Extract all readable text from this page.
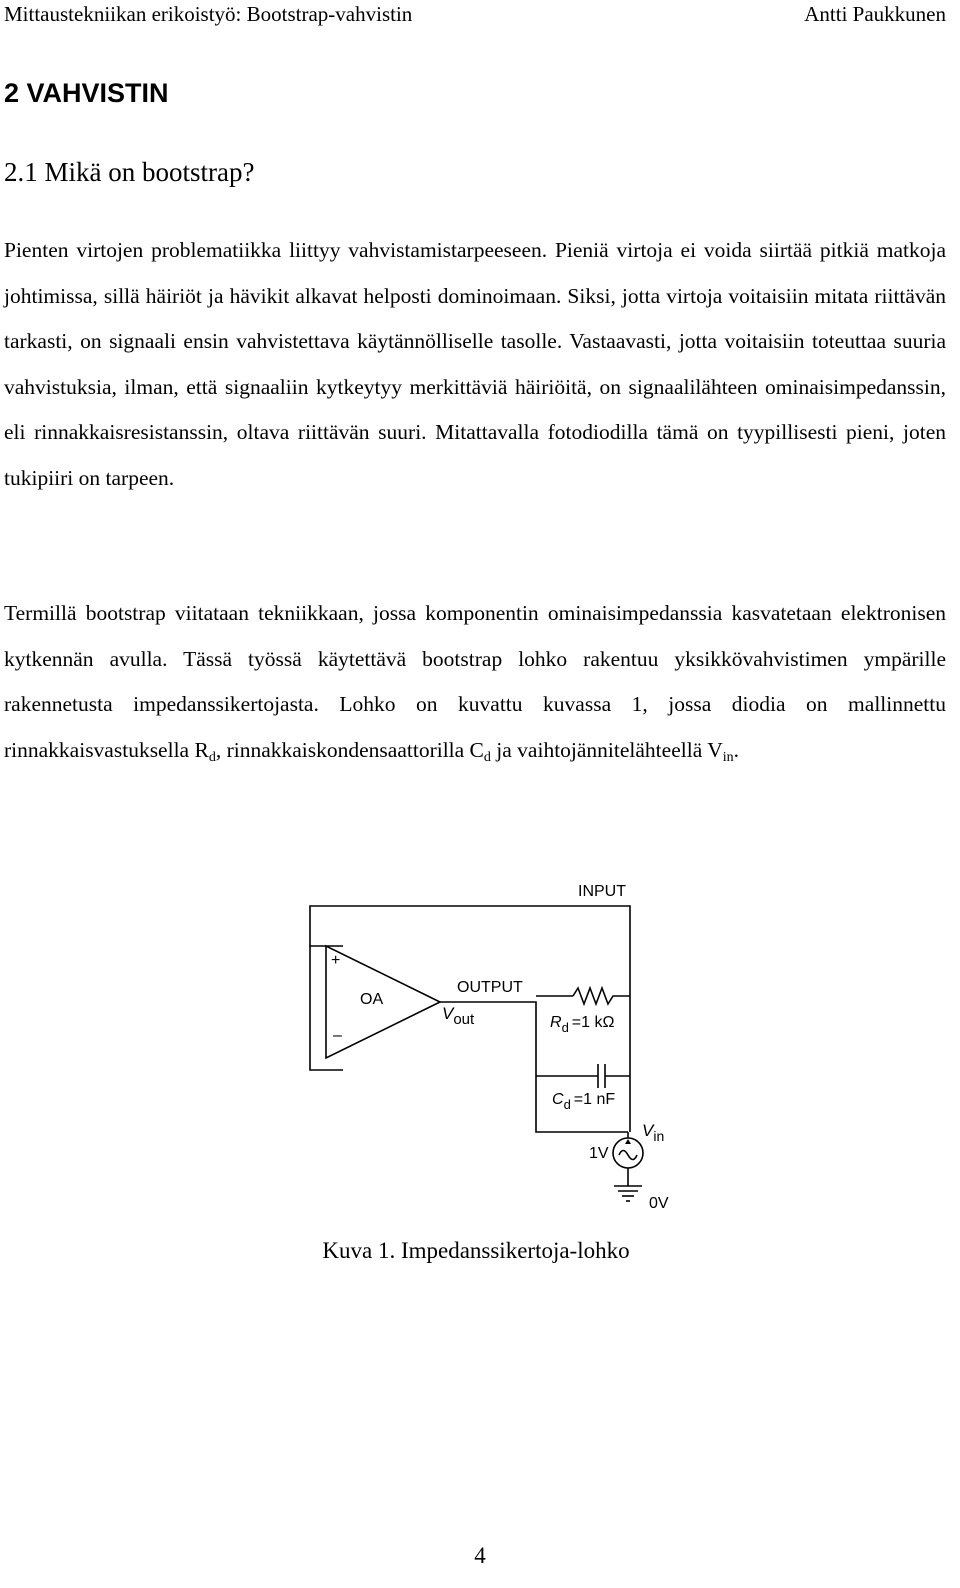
Mittaustekniikan erikoistyö: Bootstrap-vahvistin	Antti Paukkunen
2 VAHVISTIN
2.1 Mikä on bootstrap?
Pienten virtojen problematiikka liittyy vahvistamistarpeeseen. Pieniä virtoja ei voida siirtää pitkiä matkoja johtimissa, sillä häiriöt ja hävikit alkavat helposti dominoimaan. Siksi, jotta virtoja voitaisiin mitata riittävän tarkasti, on signaali ensin vahvistettava käytännölliselle tasolle. Vastaavasti, jotta voitaisiin toteuttaa suuria vahvistuksia, ilman, että signaaliin kytkeytyy merkittäviä häiriöitä, on signaalilähteen ominaisimpedanssin, eli rinnakkaisresistanssin, oltava riittävän suuri. Mitattavalla fotodiodilla tämä on tyypillisesti pieni, joten tukipiiri on tarpeen.
Termillä bootstrap viitataan tekniikkaan, jossa komponentin ominaisimpedanssia kasvatetaan elektronisen kytkennän avulla. Tässä työssä käytettävä bootstrap lohko rakentuu yksikkövahvistimen ympärille rakennetusta impedanssikertojasta. Lohko on kuvattu kuvassa 1, jossa diodia on mallinnettu rinnakkaisvastuksella $R_d$, rinnakkaiskondensaattorilla $C_d$ ja vaihtojännitelähteellä $V_{in}$.
INPUT
OUTPUT
OA
+
–
Vout	$R_d =1$ kΩ
$C_d =1$ nF
$V_{in}$
1V
0V
Kuva 1. Impedanssikertoja-lohko
4
